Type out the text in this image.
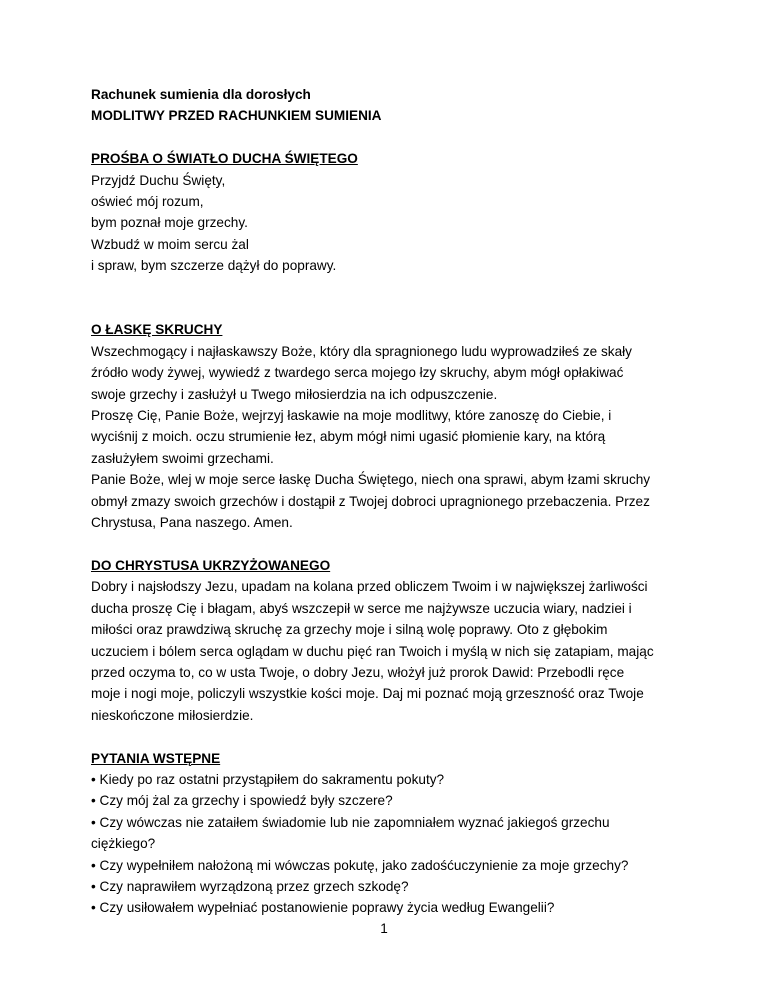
Rachunek sumienia dla dorosłych
MODLITWY PRZED RACHUNKIEM SUMIENIA
PROŚBA O ŚWIATŁO DUCHA ŚWIĘTEGO
Przyjdź Duchu Święty,
oświeć mój rozum,
bym poznał moje grzechy.
Wzbudź w moim sercu żal
i spraw, bym szczerze dążył do poprawy.
O ŁASKĘ SKRUCHY
Wszechmogący i najłaskawszy Boże, który dla spragnionego ludu wyprowadziłeś ze skały
źródło wody żywej, wywiedź z twardego serca mojego łzy skruchy, abym mógł opłakiwać
swoje grzechy i zasłużył u Twego miłosierdzia na ich odpuszczenie.
Proszę Cię, Panie Boże, wejrzyj łaskawie na moje modlitwy, które zanoszę do Ciebie, i
wyciśnij z moich. oczu strumienie łez, abym mógł nimi ugasić płomienie kary, na którą
zasłużyłem swoimi grzechami.
Panie Boże, wlej w moje serce łaskę Ducha Świętego, niech ona sprawi, abym łzami skruchy
obmył zmazy swoich grzechów i dostąpił z Twojej dobroci upragnionego przebaczenia. Przez
Chrystusa, Pana naszego. Amen.
DO CHRYSTUSA UKRZYŻOWANEGO
Dobry i najsłodszy Jezu, upadam na kolana przed obliczem Twoim i w największej żarliwości
ducha proszę Cię i błagam, abyś wszczepił w serce me najżywsze uczucia wiary, nadziei i
miłości oraz prawdziwą skruchę za grzechy moje i silną wolę poprawy. Oto z głębokim
uczuciem i bólem serca oglądam w duchu pięć ran Twoich i myślą w nich się zatapiam, mając
przed oczyma to, co w usta Twoje, o dobry Jezu, włożył już prorok Dawid: Przebodli ręce
moje i nogi moje, policzyli wszystkie kości moje. Daj mi poznać moją grzeszność oraz Twoje
nieskończone miłosierdzie.
PYTANIA WSTĘPNE
• Kiedy po raz ostatni przystąpiłem do sakramentu pokuty?
• Czy mój żal za grzechy i spowiedź były szczere?
• Czy wówczas nie zataiłem świadomie lub nie zapomniałem wyznać jakiegoś grzechu
ciężkiego?
• Czy wypełniłem nałożoną mi wówczas pokutę, jako zadośćuczynienie za moje grzechy?
• Czy naprawiłem wyrządzoną przez grzech szkodę?
• Czy usiłowałem wypełniać postanowienie poprawy życia według Ewangelii?
1
